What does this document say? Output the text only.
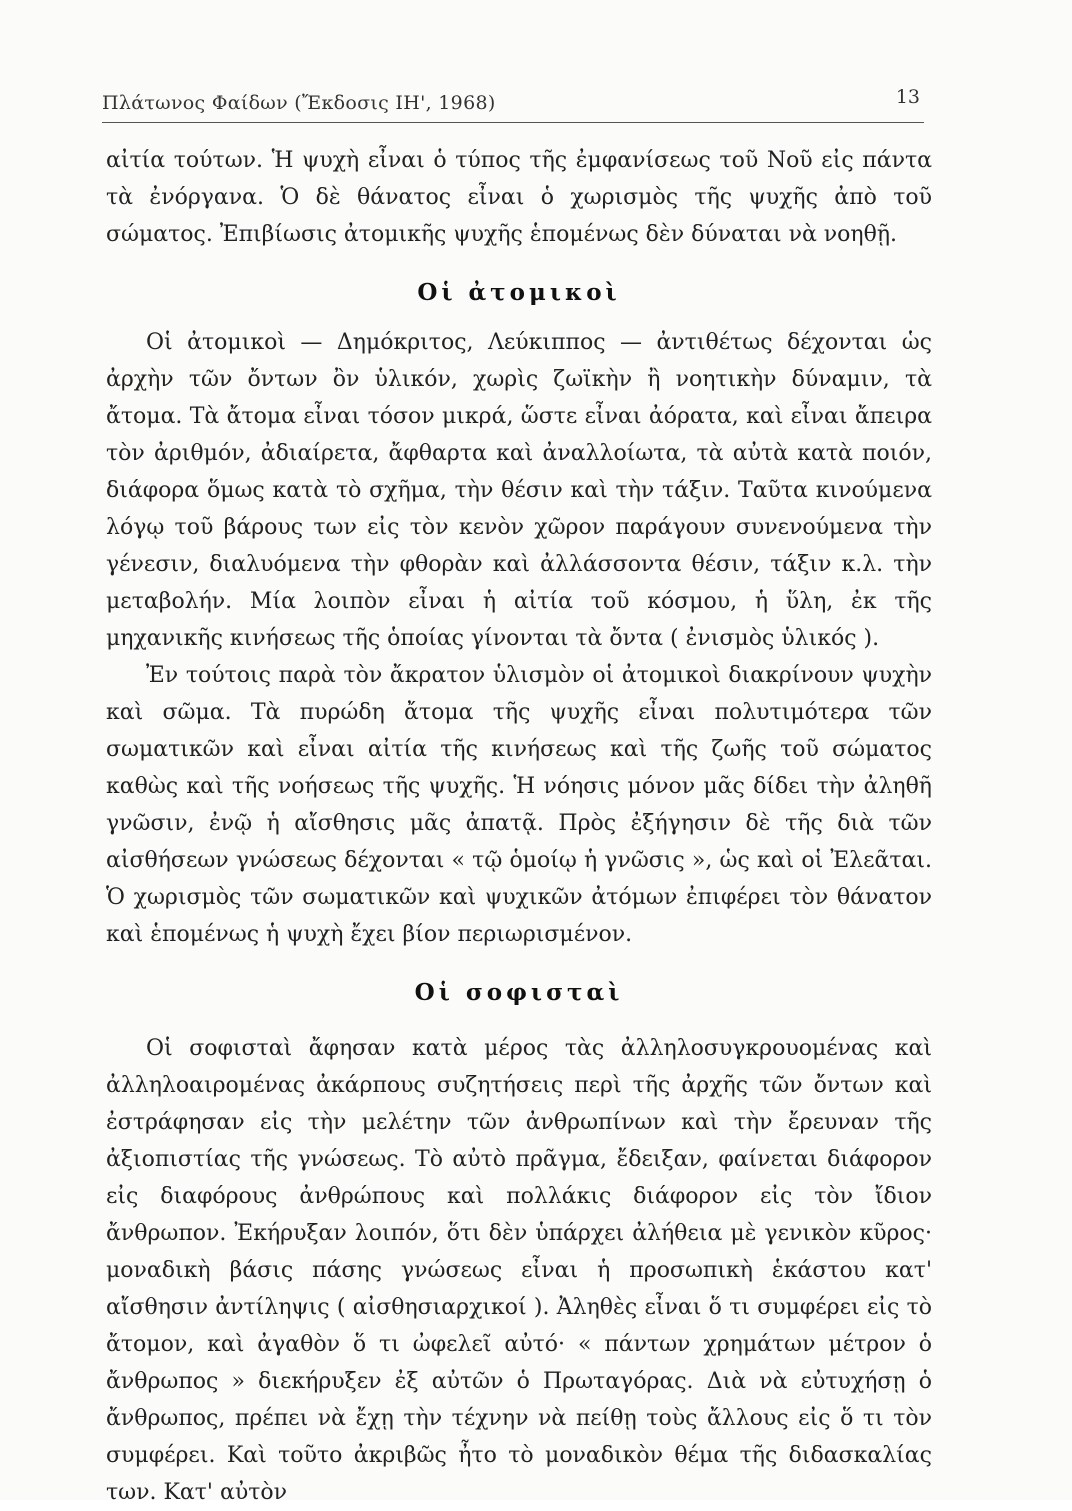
Πλάτωνος Φαίδων (Ἔκδοσις ΙΗ', 1968)	13

αἰτία τούτων. Ἡ ψυχὴ εἶναι ὁ τύπος τῆς ἐμφανίσεως τοῦ Νοῦ εἰς πάντα τὰ ἐνόργανα. Ὁ δὲ θάνατος εἶναι ὁ χωρισμὸς τῆς ψυχῆς ἀπὸ τοῦ σώματος. Ἐπιβίωσις ἀτομικῆς ψυχῆς ἑπομένως δὲν δύναται νὰ νοηθῇ.

Οἱ ἀτομικοὶ

Οἱ ἀτομικοὶ — Δημόκριτος, Λεύκιππος — ἀντιθέτως δέχονται ὡς ἀρχὴν τῶν ὄντων ὂν ὑλικόν, χωρὶς ζωϊκὴν ἢ νοητικὴν δύναμιν, τὰ ἄτομα. Τὰ ἄτομα εἶναι τόσον μικρά, ὥστε εἶναι ἀόρατα, καὶ εἶναι ἄπειρα τὸν ἀριθμόν, ἀδιαίρετα, ἄφθαρτα καὶ ἀναλλοίωτα, τὰ αὐτὰ κατὰ ποιόν, διάφορα ὅμως κατὰ τὸ σχῆμα, τὴν θέσιν καὶ τὴν τάξιν. Ταῦτα κινούμενα λόγῳ τοῦ βάρους των εἰς τὸν κενὸν χῶρον παράγουν συνενούμενα τὴν γένεσιν, διαλυόμενα τὴν φθορὰν καὶ ἀλλάσσοντα θέσιν, τάξιν κ.λ. τὴν μεταβολήν. Μία λοιπὸν εἶναι ἡ αἰτία τοῦ κόσμου, ἡ ὕλη, ἐκ τῆς μηχανικῆς κινήσεως τῆς ὁποίας γίνονται τὰ ὄντα ( ἐνισμὸς ὑλικός ).

Ἐν τούτοις παρὰ τὸν ἄκρατον ὑλισμὸν οἱ ἀτομικοὶ διακρίνουν ψυχὴν καὶ σῶμα. Τὰ πυρώδη ἄτομα τῆς ψυχῆς εἶναι πολυτιμότερα τῶν σωματικῶν καὶ εἶναι αἰτία τῆς κινήσεως καὶ τῆς ζωῆς τοῦ σώματος καθὼς καὶ τῆς νοήσεως τῆς ψυχῆς. Ἡ νόησις μόνον μᾶς δίδει τὴν ἀληθῆ γνῶσιν, ἐνῷ ἡ αἴσθησις μᾶς ἀπατᾷ. Πρὸς ἐξήγησιν δὲ τῆς διὰ τῶν αἰσθήσεων γνώσεως δέχονται « τῷ ὁμοίῳ ἡ γνῶσις », ὡς καὶ οἱ Ἐλεᾶται. Ὁ χωρισμὸς τῶν σωματικῶν καὶ ψυχικῶν ἀτόμων ἐπιφέρει τὸν θάνατον καὶ ἑπομένως ἡ ψυχὴ ἔχει βίον περιωρισμένον.

Οἱ σοφισταὶ

Οἱ σοφισταὶ ἄφησαν κατὰ μέρος τὰς ἀλληλοσυγκρουομένας καὶ ἀλληλοαιρομένας ἀκάρπους συζητήσεις περὶ τῆς ἀρχῆς τῶν ὄντων καὶ ἐστράφησαν εἰς τὴν μελέτην τῶν ἀνθρωπίνων καὶ τὴν ἔρευναν τῆς ἀξιοπιστίας τῆς γνώσεως. Τὸ αὐτὸ πρᾶγμα, ἔδειξαν, φαίνεται διάφορον εἰς διαφόρους ἀνθρώπους καὶ πολλάκις διάφορον εἰς τὸν ἴδιον ἄνθρωπον. Ἐκήρυξαν λοιπόν, ὅτι δὲν ὑπάρχει ἀλήθεια μὲ γενικὸν κῦρος· μοναδικὴ βάσις πάσης γνώσεως εἶναι ἡ προσωπικὴ ἑκάστου κατ' αἴσθησιν ἀντίληψις ( αἰσθησιαρχικοί ). Ἀληθὲς εἶναι ὅ τι συμφέρει εἰς τὸ ἄτομον, καὶ ἀγαθὸν ὅ τι ὠφελεῖ αὐτό· « πάντων χρημάτων μέτρον ὁ ἄνθρωπος » διεκήρυξεν ἐξ αὐτῶν ὁ Πρωταγόρας. Διὰ νὰ εὐτυχήσῃ ὁ ἄνθρωπος, πρέπει νὰ ἔχῃ τὴν τέχνην νὰ πείθῃ τοὺς ἄλλους εἰς ὅ τι τὸν συμφέρει. Καὶ τοῦτο ἀκριβῶς ἦτο τὸ μοναδικὸν θέμα τῆς διδασκαλίας των. Κατ' αὐτὸν
